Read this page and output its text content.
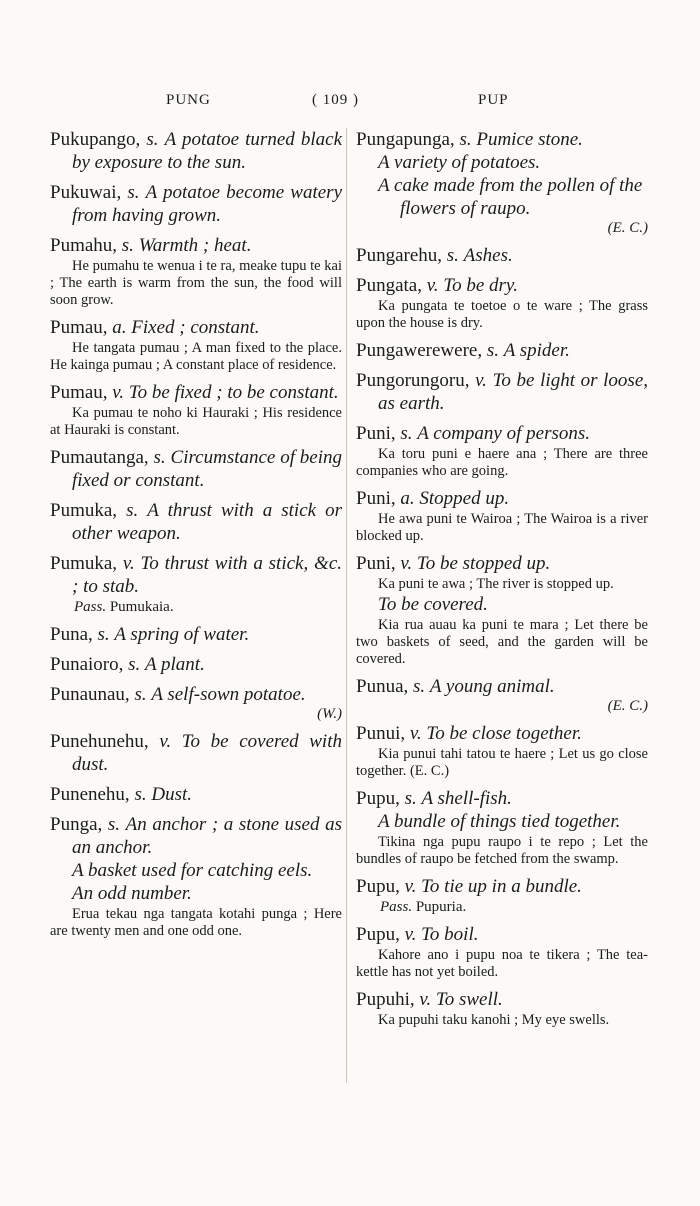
PUNG	( 109 )	PUP
Pukupango, s. A potatoe turned black by exposure to the sun.
Pukuwai, s. A potatoe become watery from having grown.
Pumahu, s. Warmth ; heat.
He pumahu te wenua i te ra, meake tupu te kai ; The earth is warm from the sun, the food will soon grow.
Pumau, a. Fixed ; constant.
He tangata pumau ; A man fixed to the place. He kainga pumau ; A constant place of residence.
Pumau, v. To be fixed ; to be constant.
Ka pumau te noho ki Hauraki ; His residence at Hauraki is constant.
Pumautanga, s. Circumstance of being fixed or constant.
Pumuka, s. A thrust with a stick or other weapon.
Pumuka, v. To thrust with a stick, &c. ; to stab.
Pass. Pumukaia.
Puna, s. A spring of water.
Punaioro, s. A plant.
Punaunau, s. A self-sown potatoe.
(W.)
Punehunehu, v. To be covered with dust.
Punenehu, s. Dust.
Punga, s. An anchor ; a stone used as an anchor.
A basket used for catching eels.
An odd number.
Erua tekau nga tangata kotahi punga ; Here are twenty men and one odd one.
Pungapunga, s. Pumice stone.
A variety of potatoes.
A cake made from the pollen of the flowers of raupo.
(E. C.)
Pungarehu, s. Ashes.
Pungata, v. To be dry.
Ka pungata te toetoe o te ware ; The grass upon the house is dry.
Pungawerewere, s. A spider.
Pungorungoru, v. To be light or loose, as earth.
Puni, s. A company of persons.
Ka toru puni e haere ana ; There are three companies who are going.
Puni, a. Stopped up.
He awa puni te Wairoa ; The Wairoa is a river blocked up.
Puni, v. To be stopped up.
Ka puni te awa ; The river is stopped up.
To be covered.
Kia rua auau ka puni te mara ; Let there be two baskets of seed, and the garden will be covered.
Punua, s. A young animal.
(E. C.)
Punui, v. To be close together.
Kia punui tahi tatou te haere ; Let us go close together. (E. C.)
Pupu, s. A shell-fish.
A bundle of things tied together.
Tikina nga pupu raupo i te repo ; Let the bundles of raupo be fetched from the swamp.
Pupu, v. To tie up in a bundle.
Pass. Pupuria.
Pupu, v. To boil.
Kahore ano i pupu noa te tikera ; The tea-kettle has not yet boiled.
Pupuhi, v. To swell.
Ka pupuhi taku kanohi ; My eye swells.
